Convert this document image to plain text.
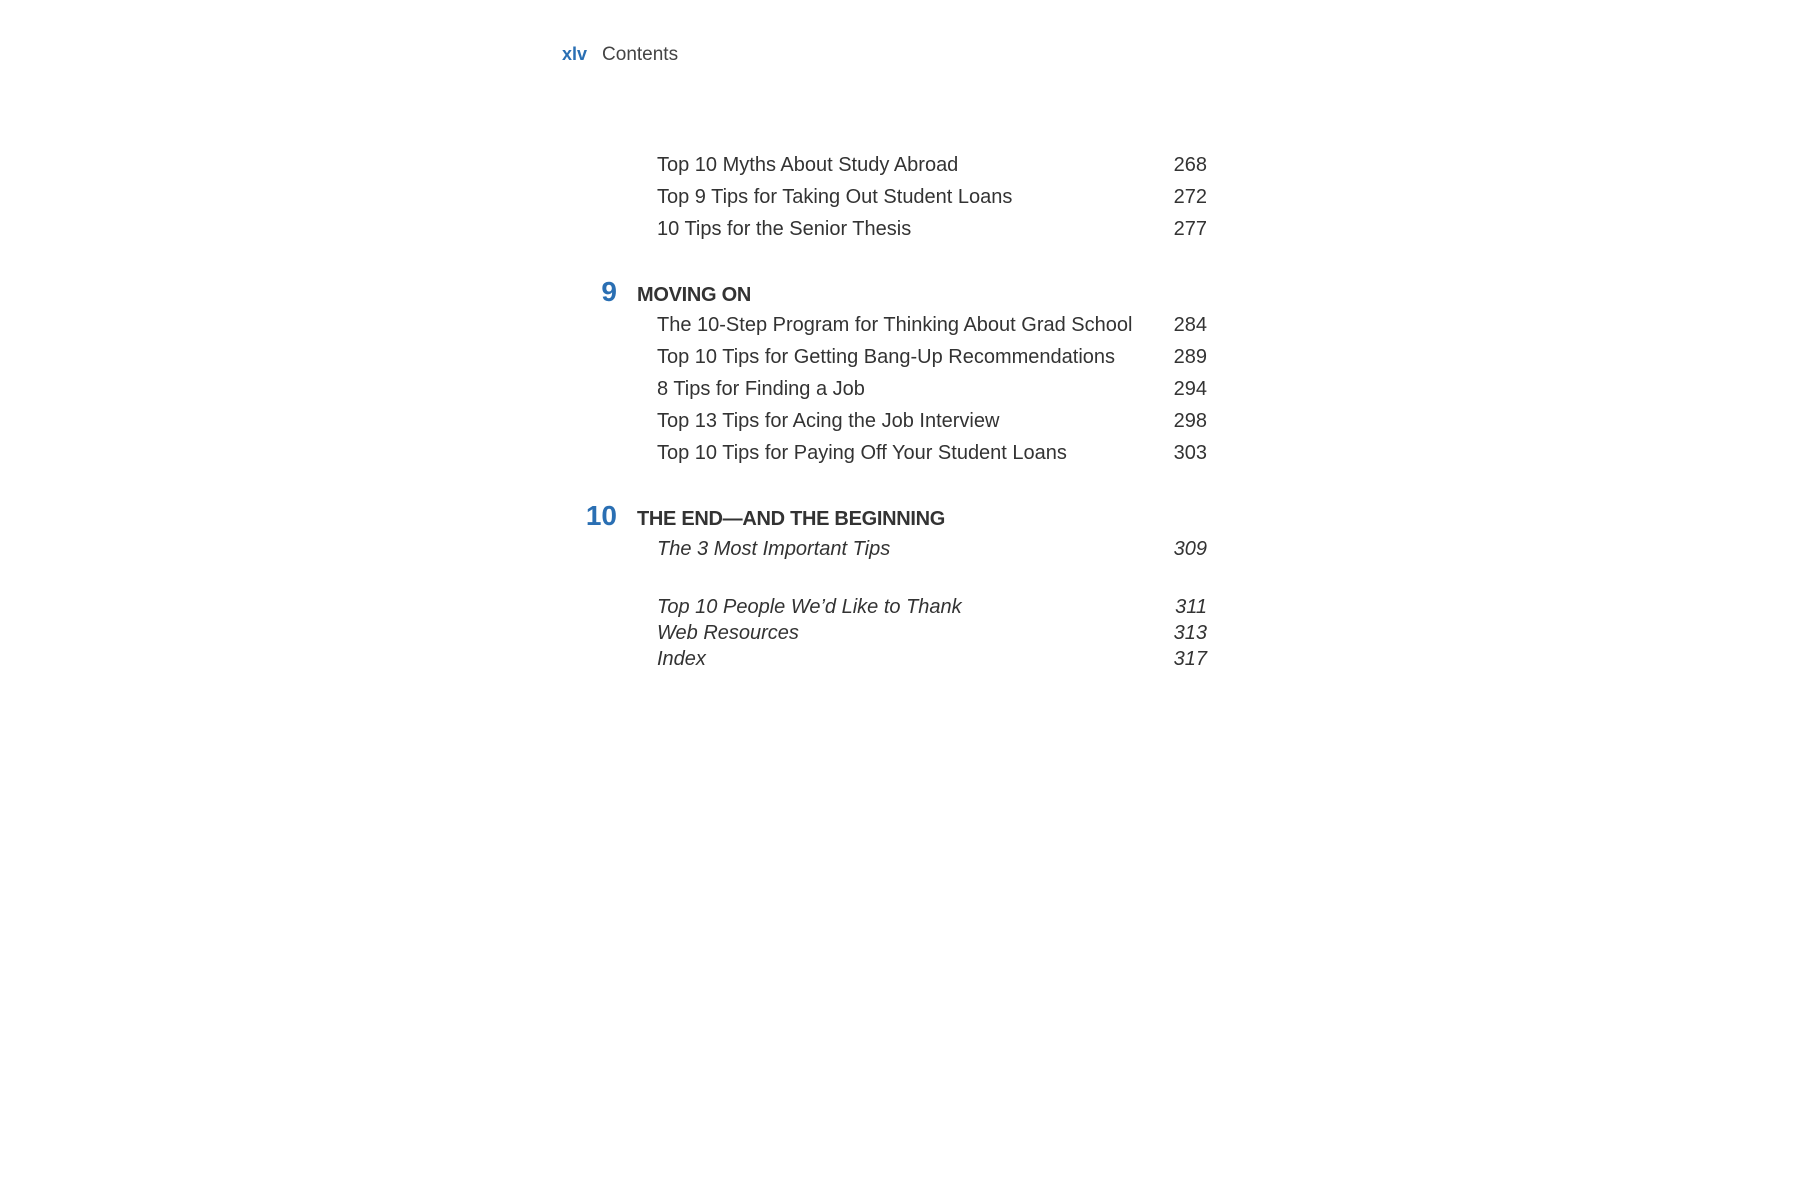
xlv Contents
Top 10 Myths About Study Abroad	268
Top 9 Tips for Taking Out Student Loans	272
10 Tips for the Senior Thesis	277
9	MOVING ON
The 10-Step Program for Thinking About Grad School 284
Top 10 Tips for Getting Bang-Up Recommendations	289
8 Tips for Finding a Job	294
Top 13 Tips for Acing the Job Interview	298
Top 10 Tips for Paying Off Your Student Loans	303
10	THE END—AND THE BEGINNING
The 3 Most Important Tips	309
Top 10 People We’d Like to Thank	311
Web Resources	313
Index	317
